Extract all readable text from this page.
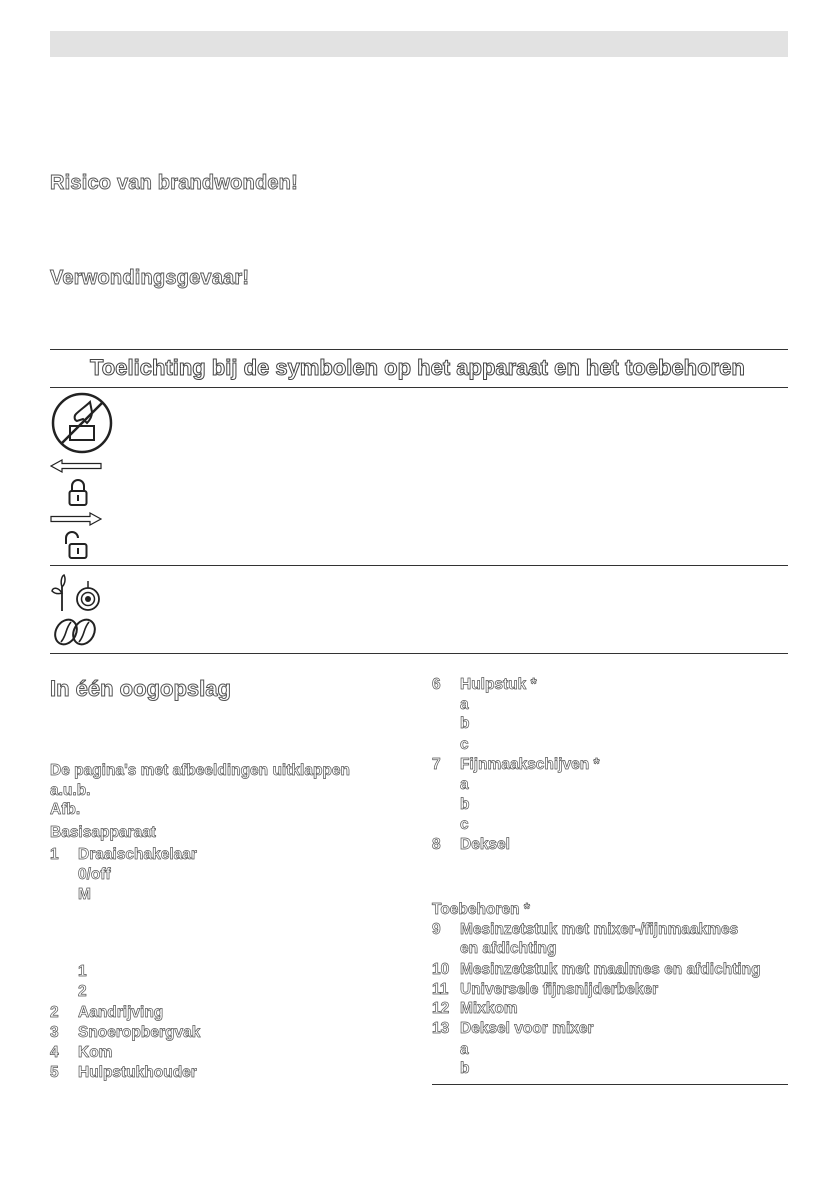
Risico van brandwonden!
Verwondingsgevaar!
Toelichting bij de symbolen op het apparaat en het toebehoren
In één oogopslag
De pagina's met afbeeldingen uitklappen
a.u.b.
Afb.
Basisapparaat
1 Draaischakelaar
0/off
M
1
2
2 Aandrijving
3 Snoeropbergvak
4 Kom
5 Hulpstukhouder
6 Hulpstuk *
a
b
c
7 Fijnmaakschijven *
a
b
c
8 Deksel
Toebehoren *
9 Mesinzetstuk met mixer-/fijnmaakmes
en afdichting
10 Mesinzetstuk met maalmes en afdichting
11 Universele fijnsnijderbeker
12 Mixkom
13 Deksel voor mixer
a
b
